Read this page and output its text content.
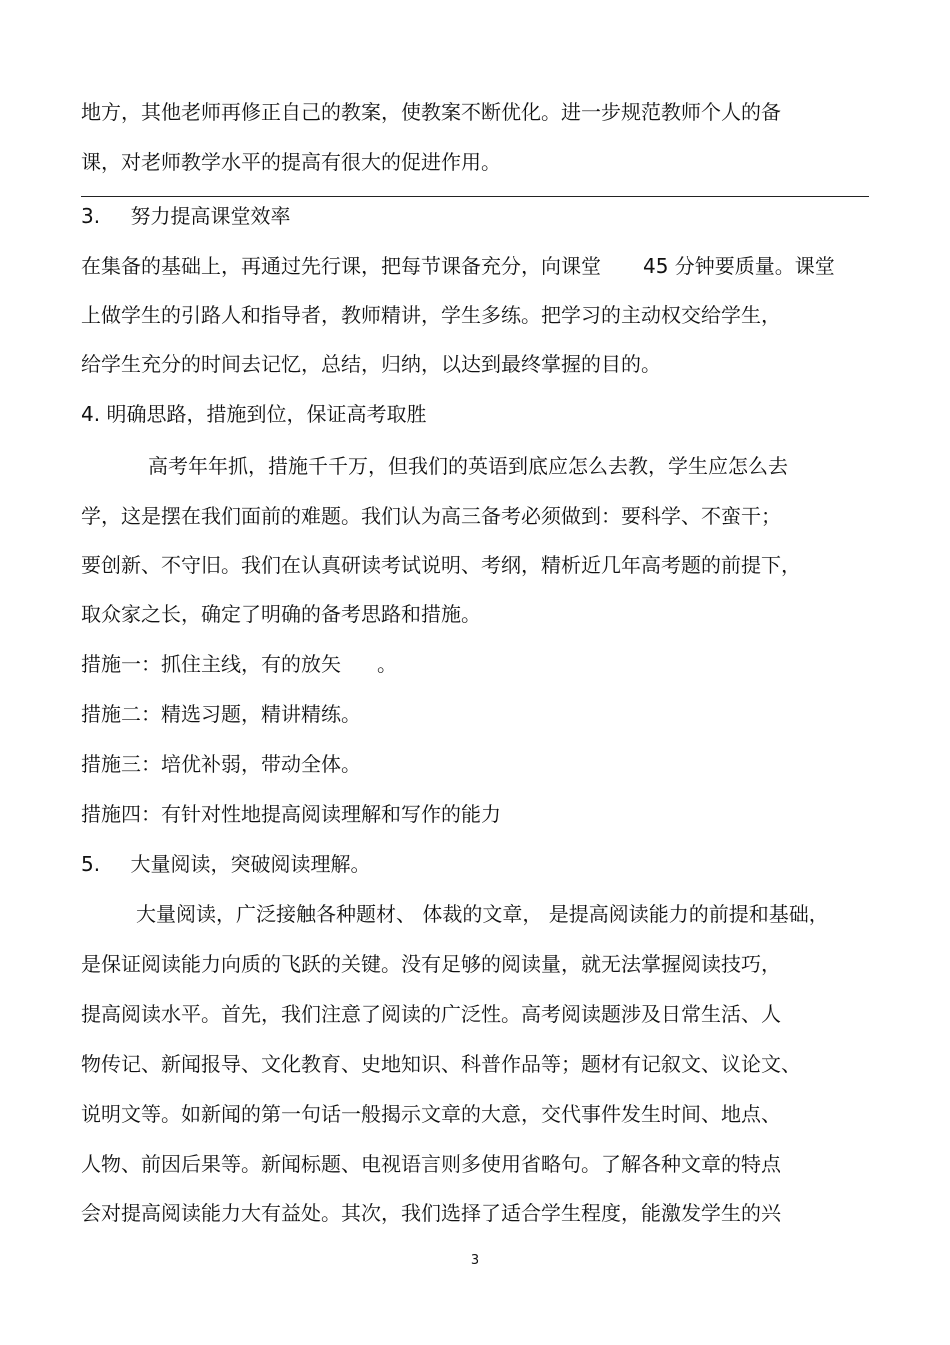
地方，其他老师再修正自己的教案，使教案不断优化。进一步规范教师个人的备
课，对老师教学水平的提高有很大的促进作用。
3. 努力提高课堂效率
在集备的基础上，再通过先行课，把每节课备充分，向课堂 45 分钟要质量。课堂
上做学生的引路人和指导者，教师精讲，学生多练。把学习的主动权交给学生，
给学生充分的时间去记忆，总结，归纳，以达到最终掌握的目的。
4. 明确思路，措施到位，保证高考取胜
高考年年抓，措施千千万，但我们的英语到底应怎么去教，学生应怎么去
学，这是摆在我们面前的难题。我们认为高三备考必须做到：要科学、不蛮干；
要创新、不守旧。我们在认真研读考试说明、考纲，精析近几年高考题的前提下，
取众家之长，确定了明确的备考思路和措施。
措施一：抓住主线，有的放矢 。
措施二：精选习题，精讲精练。
措施三：培优补弱，带动全体。
措施四：有针对性地提高阅读理解和写作的能力
5. 大量阅读，突破阅读理解。
大量阅读，广泛接触各种题材、 体裁的文章， 是提高阅读能力的前提和基础，
是保证阅读能力向质的飞跃的关键。没有足够的阅读量，就无法掌握阅读技巧，
提高阅读水平。首先，我们注意了阅读的广泛性。高考阅读题涉及日常生活、人
物传记、新闻报导、文化教育、史地知识、科普作品等；题材有记叙文、议论文、
说明文等。如新闻的第一句话一般揭示文章的大意，交代事件发生时间、地点、
人物、前因后果等。新闻标题、电视语言则多使用省略句。了解各种文章的特点
会对提高阅读能力大有益处。其次，我们选择了适合学生程度，能激发学生的兴
3
